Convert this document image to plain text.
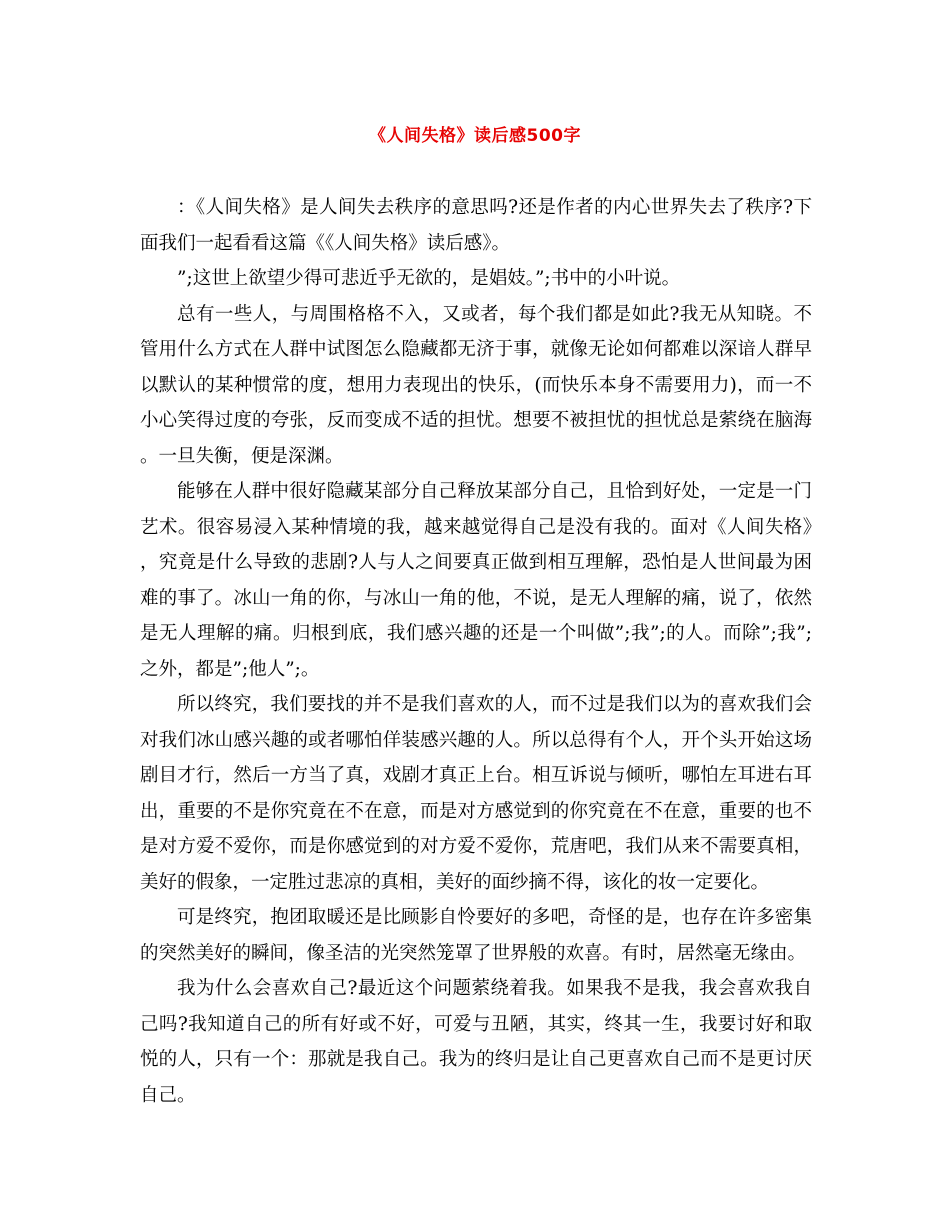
《人间失格》读后感500字

：《人间失格》是人间失去秩序的意思吗?还是作者的内心世界失去了秩序?下面我们一起看看这篇《《人间失格》读后感》。

”;这世上欲望少得可悲近乎无欲的，是娼妓。”;书中的小叶说。

总有一些人，与周围格格不入，又或者，每个我们都是如此?我无从知晓。不管用什么方式在人群中试图怎么隐藏都无济于事，就像无论如何都难以深谙人群早以默认的某种惯常的度，想用力表现出的快乐，(而快乐本身不需要用力)，而一不小心笑得过度的夸张，反而变成不适的担忧。想要不被担忧的担忧总是萦绕在脑海。一旦失衡，便是深渊。

能够在人群中很好隐藏某部分自己释放某部分自己，且恰到好处，一定是一门艺术。很容易浸入某种情境的我，越来越觉得自己是没有我的。面对《人间失格》，究竟是什么导致的悲剧?人与人之间要真正做到相互理解，恐怕是人世间最为困难的事了。冰山一角的你，与冰山一角的他，不说，是无人理解的痛，说了，依然是无人理解的痛。归根到底，我们感兴趣的还是一个叫做”;我”;的人。而除”;我”;之外，都是”;他人”;。

所以终究，我们要找的并不是我们喜欢的人，而不过是我们以为的喜欢我们会对我们冰山感兴趣的或者哪怕佯装感兴趣的人。所以总得有个人，开个头开始这场剧目才行，然后一方当了真，戏剧才真正上台。相互诉说与倾听，哪怕左耳进右耳出，重要的不是你究竟在不在意，而是对方感觉到的你究竟在不在意，重要的也不是对方爱不爱你，而是你感觉到的对方爱不爱你，荒唐吧，我们从来不需要真相，美好的假象，一定胜过悲凉的真相，美好的面纱摘不得，该化的妆一定要化。

可是终究，抱团取暖还是比顾影自怜要好的多吧，奇怪的是，也存在许多密集的突然美好的瞬间，像圣洁的光突然笼罩了世界般的欢喜。有时，居然毫无缘由。

我为什么会喜欢自己?最近这个问题萦绕着我。如果我不是我，我会喜欢我自己吗?我知道自己的所有好或不好，可爱与丑陋，其实，终其一生，我要讨好和取悦的人，只有一个：那就是我自己。我为的终归是让自己更喜欢自己而不是更讨厌自己。
